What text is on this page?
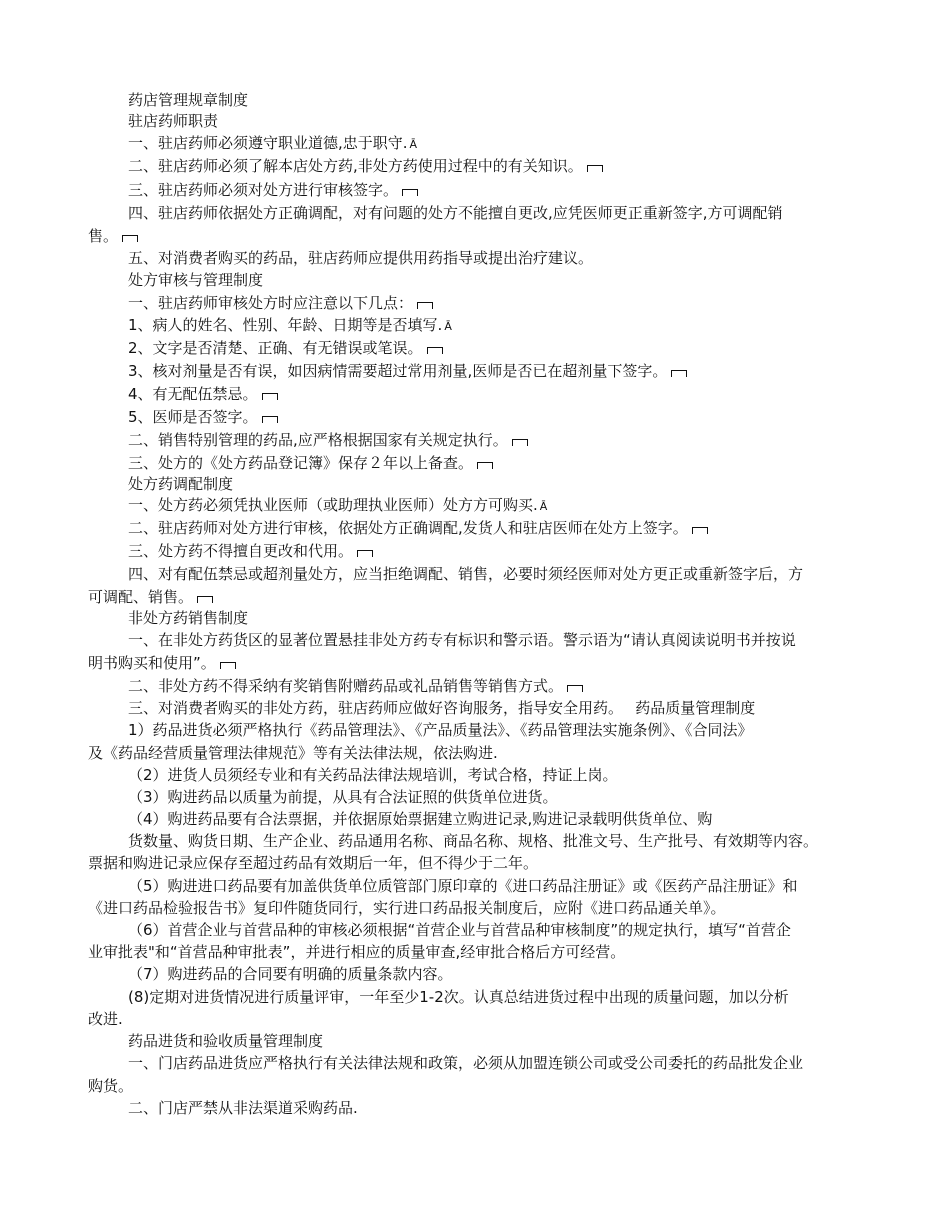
药店管理规章制度
驻店药师职责
一、驻店药师必须遵守职业道德,忠于职守. Ā
二、驻店药师必须了解本店处方药,非处方药使用过程中的有关知识。
三、驻店药师必须对处方进行审核签字。
四、驻店药师依据处方正确调配，对有问题的处方不能擅自更改,应凭医师更正重新签字,方可调配销
售。
五、对消费者购买的药品，驻店药师应提供用药指导或提出治疗建议。
处方审核与管理制度
一、驻店药师审核处方时应注意以下几点：
1、病人的姓名、性别、年龄、日期等是否填写. Ā
2、文字是否清楚、正确、有无错误或笔误。
3、核对剂量是否有误，如因病情需要超过常用剂量,医师是否已在超剂量下签字。
4、有无配伍禁忌。
5、医师是否签字。
二、销售特别管理的药品,应严格根据国家有关规定执行。
三、处方的《处方药品登记簿》保存２年以上备查。
处方药调配制度
一、处方药必须凭执业医师（或助理执业医师）处方方可购买. Ā
二、驻店药师对处方进行审核，依据处方正确调配,发货人和驻店医师在处方上签字。
三、处方药不得擅自更改和代用。
四、对有配伍禁忌或超剂量处方，应当拒绝调配、销售，必要时须经医师对处方更正或重新签字后，方
可调配、销售。
非处方药销售制度
一、在非处方药货区的显著位置悬挂非处方药专有标识和警示语。警示语为“请认真阅读说明书并按说
明书购买和使用”。
二、非处方药不得采纳有奖销售附赠药品或礼品销售等销售方式。
三、对消费者购买的非处方药，驻店药师应做好咨询服务，指导安全用药。　 药品质量管理制度
1）药品进货必须严格执行《药品管理法》、《产品质量法》、《药品管理法实施条例》、《合同法》
及《药品经营质量管理法律规范》等有关法律法规，依法购进.
（2）进货人员须经专业和有关药品法律法规培训，考试合格，持证上岗。
（3）购进药品以质量为前提，从具有合法证照的供货单位进货。
（4）购进药品要有合法票据，并依据原始票据建立购进记录,购进记录载明供货单位、购
货数量、购货日期、生产企业、药品通用名称、商品名称、规格、批准文号、生产批号、有效期等内容。
票据和购进记录应保存至超过药品有效期后一年，但不得少于二年。
（5）购进进口药品要有加盖供货单位质管部门原印章的《进口药品注册证》或《医药产品注册证》和
《进口药品检验报告书》复印件随货同行，实行进口药品报关制度后，应附《进口药品通关单》。
（6）首营企业与首营品种的审核必须根据“首营企业与首营品种审核制度”的规定执行，填写“首营企
业审批表"和“首营品种审批表”，并进行相应的质量审查,经审批合格后方可经营。
（7）购进药品的合同要有明确的质量条款内容。
(8)定期对进货情况进行质量评审，一年至少1-2次。认真总结进货过程中出现的质量问题，加以分析
改进.
药品进货和验收质量管理制度
一、门店药品进货应严格执行有关法律法规和政策，必须从加盟连锁公司或受公司委托的药品批发企业
购货。
二、门店严禁从非法渠道采购药品.
